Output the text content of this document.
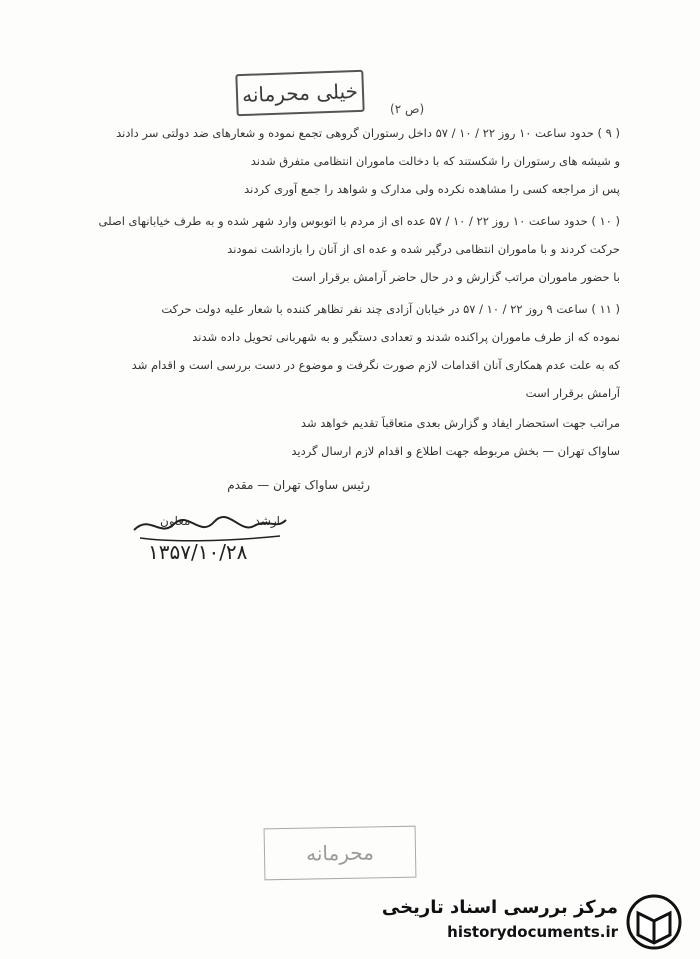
خیلی محرمانه
(ص ۲)
( ۹ ) حدود ساعت ۱۰ روز ۲۲ / ۱۰ / ۵۷ داخل رستوران گروهی تجمع نموده و شعارهای ضد دولتی سر دادند
و شیشه های رستوران را شکستند که با دخالت ماموران انتظامی متفرق شدند
پس از مراجعه کسی را مشاهده نکرده ولی مدارک و شواهد را جمع آوری کردند
( ۱۰ ) حدود ساعت ۱۰ روز ۲۲ / ۱۰ / ۵۷ عده ای از مردم با اتوبوس وارد شهر شده و به طرف خیابانهای اصلی
حرکت کردند و با ماموران انتظامی درگیر شده و عده ای از آنان را بازداشت نمودند
با حضور ماموران مراتب گزارش و در حال حاضر آرامش برقرار است
( ۱۱ ) ساعت ۹ روز ۲۲ / ۱۰ / ۵۷ در خیابان آزادی چند نفر تظاهر کننده با شعار علیه دولت حرکت
نموده که از طرف ماموران پراکنده شدند و تعدادی دستگیر و به شهربانی تحویل داده شدند
که به علت عدم همکاری آنان اقدامات لازم صورت نگرفت و موضوع در دست بررسی است و اقدام شد
آرامش برقرار است
مراتب جهت استحضار ایفاد و گزارش بعدی متعاقباً تقدیم خواهد شد
ساواک تهران — بخش مربوطه جهت اطلاع و اقدام لازم ارسال گردید
رئیس ساواک تهران — مقدم
ارشد
معاون
۱۳۵۷/۱۰/۲۸
محرمانه
مرکز بررسی اسناد تاریخی
historydocuments.ir
